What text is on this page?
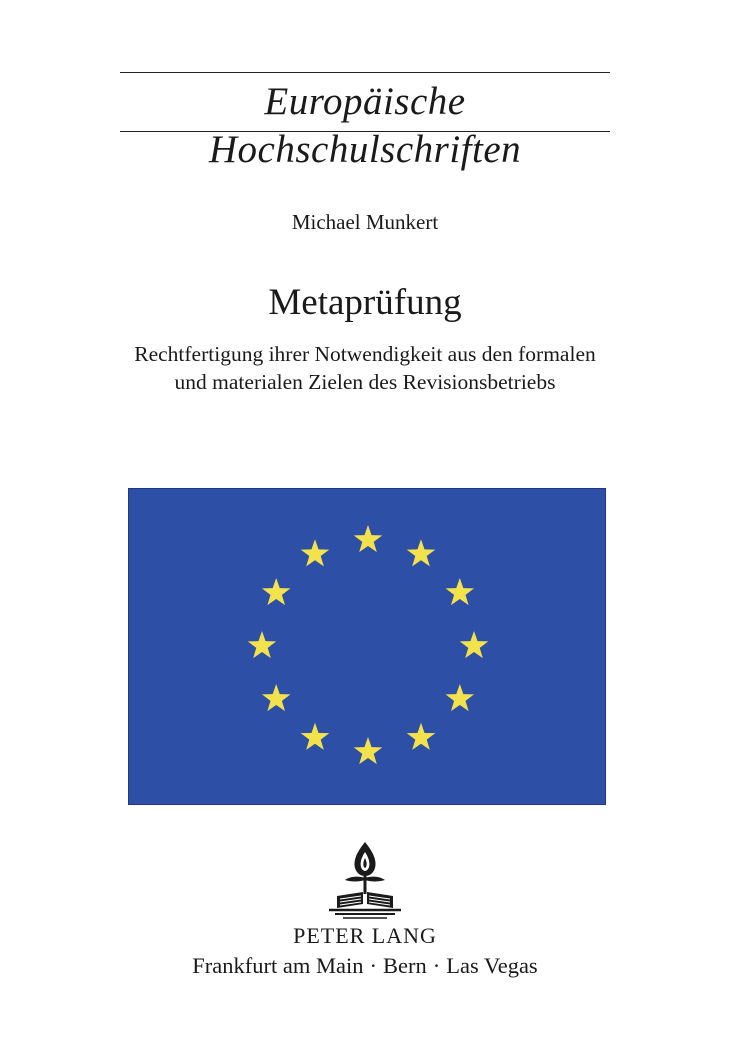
Europäische Hochschulschriften
Michael Munkert
Metaprüfung
Rechtfertigung ihrer Notwendigkeit aus den formalen
und materialen Zielen des Revisionsbetriebs
PETER LANG
Frankfurt am Main · Bern · Las Vegas
